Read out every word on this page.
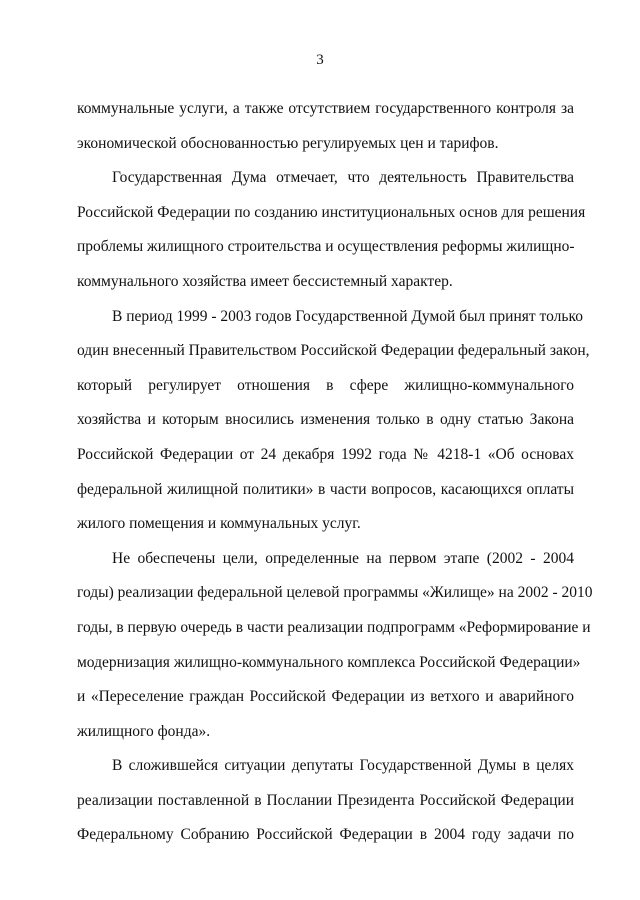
3

коммунальные услуги, а также отсутствием государственного контроля за
экономической обоснованностью регулируемых цен и тарифов.

Государственная Дума отмечает, что деятельность Правительства
Российской Федерации по созданию институциональных основ для решения
проблемы жилищного строительства и осуществления реформы жилищно-
коммунального хозяйства имеет бессистемный характер.

В период 1999 - 2003 годов Государственной Думой был принят только
один внесенный Правительством Российской Федерации федеральный закон,
который регулирует отношения в сфере жилищно-коммунального
хозяйства и которым вносились изменения только в одну статью Закона
Российской Федерации от 24 декабря 1992 года № 4218-1 «Об основах
федеральной жилищной политики» в части вопросов, касающихся оплаты
жилого помещения и коммунальных услуг.

Не обеспечены цели, определенные на первом этапе (2002 - 2004
годы) реализации федеральной целевой программы «Жилище» на 2002 - 2010
годы, в первую очередь в части реализации подпрограмм «Реформирование и
модернизация жилищно-коммунального комплекса Российской Федерации»
и «Переселение граждан Российской Федерации из ветхого и аварийного
жилищного фонда».

В сложившейся ситуации депутаты Государственной Думы в целях
реализации поставленной в Послании Президента Российской Федерации
Федеральному Собранию Российской Федерации в 2004 году задачи по
